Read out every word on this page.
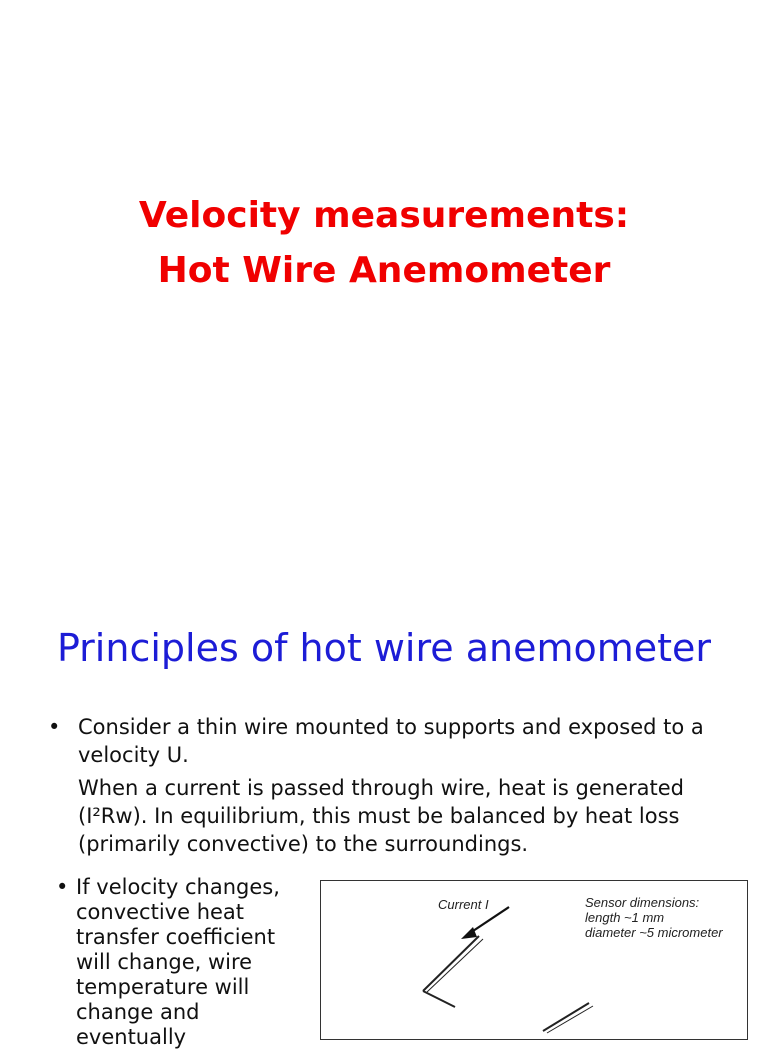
Velocity measurements:
Hot Wire Anemometer
Principles of hot wire anemometer
• Consider a thin wire mounted to supports and exposed to a velocity U.

When a current is passed through wire, heat is generated (I²Rw). In equilibrium, this must be balanced by heat loss (primarily convective) to the surroundings.

• If velocity changes, convective heat transfer coefficient will change, wire temperature will change and eventually
Current I	Sensor dimensions:
length ~1 mm
diameter ~5 micrometer
